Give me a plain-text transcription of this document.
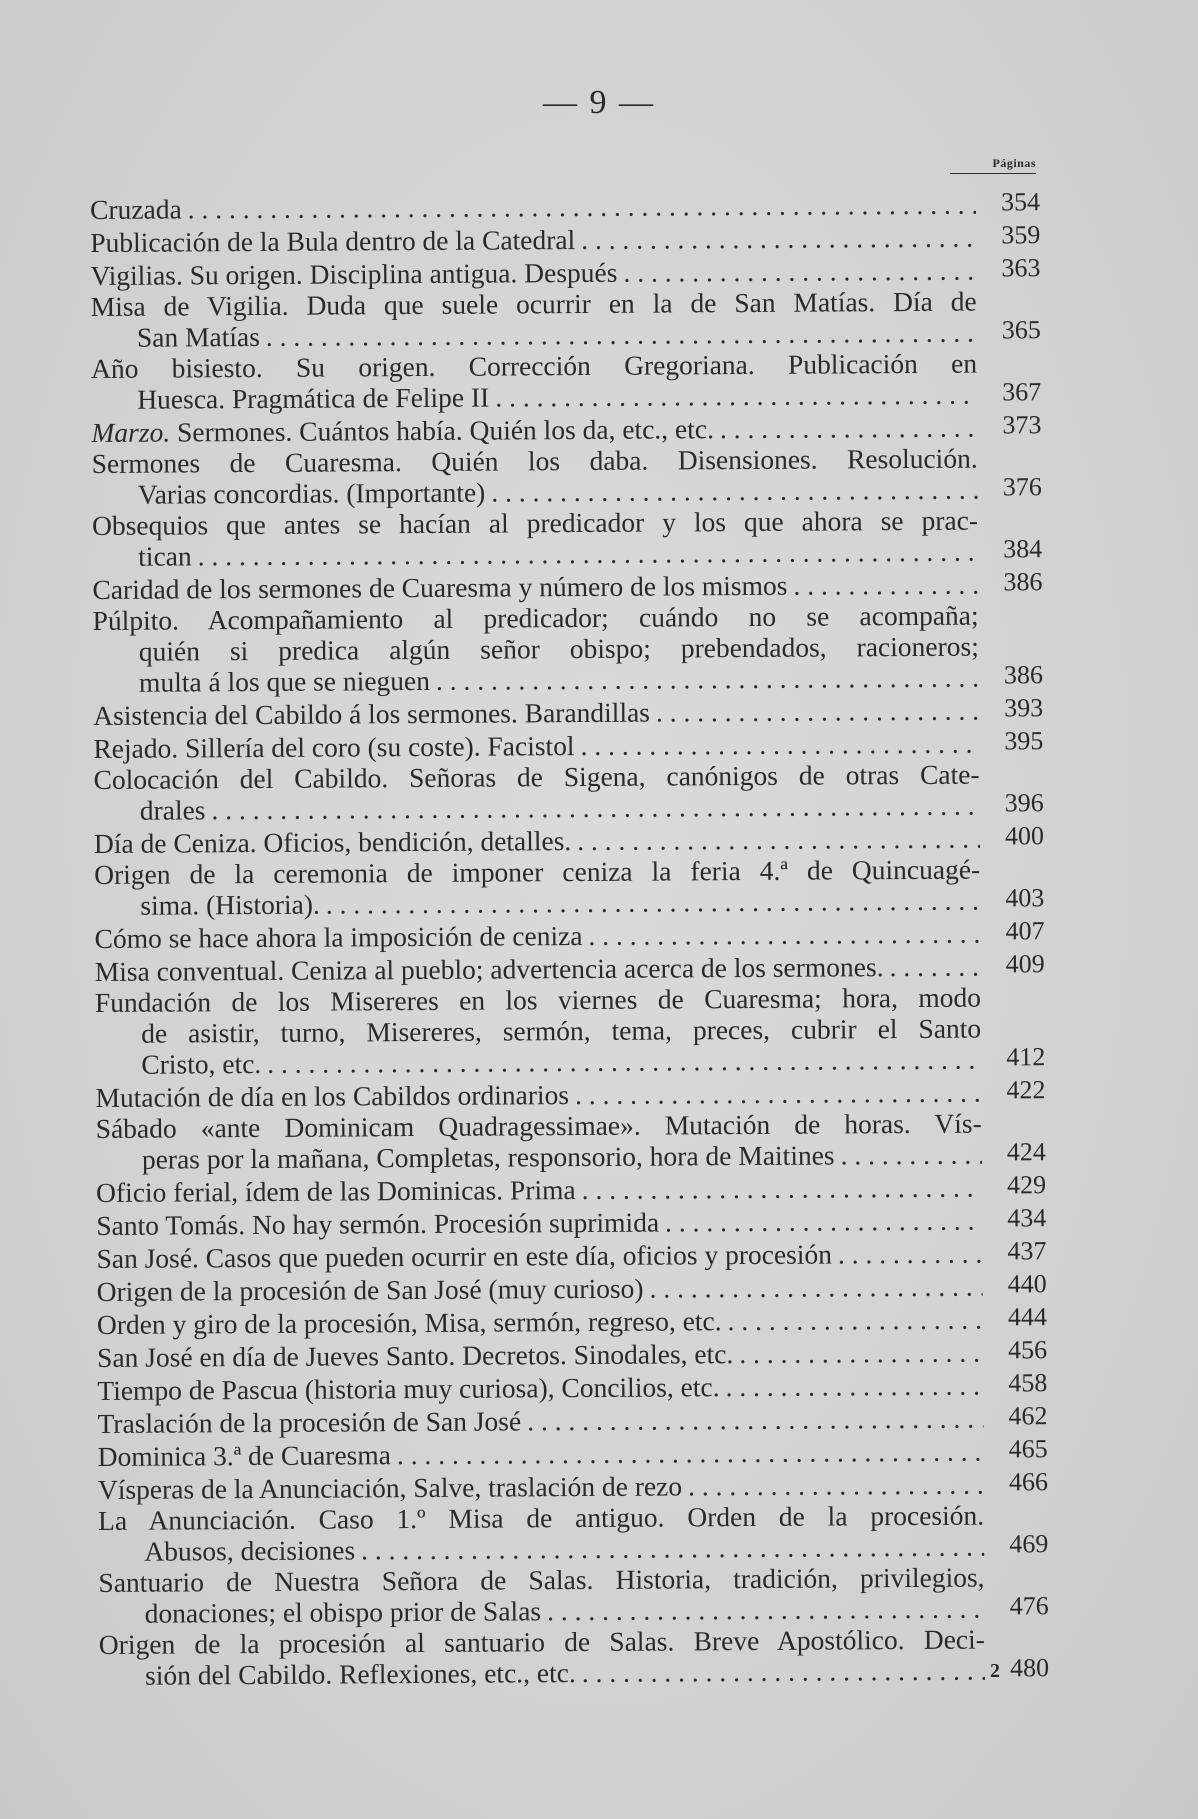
— 9 —
Páginas
Cruzada . . .	354
Publicación de la Bula dentro de la Catedral . . .	359
Vigilias. Su origen. Disciplina antigua. Después . . .	363
Misa de Vigilia. Duda que suele ocurrir en la de San Matías. Día de
San Matías . . .	365
Año bisiesto. Su origen. Corrección Gregoriana. Publicación en
Huesca. Pragmática de Felipe II . . .	367
Marzo. Sermones. Cuántos había. Quién los da, etc., etc. . . .	373
Sermones de Cuaresma. Quién los daba. Disensiones. Resolución.
Varias concordias. (Importante) . . .	376
Obsequios que antes se hacían al predicador y los que ahora se prac-
tican . . .	384
Caridad de los sermones de Cuaresma y número de los mismos . . .	386
Púlpito. Acompañamiento al predicador; cuándo no se acompaña;
quién si predica algún señor obispo; prebendados, racioneros;
multa á los que se nieguen . . .	386
Asistencia del Cabildo á los sermones. Barandillas . . .	393
Rejado. Sillería del coro (su coste). Facistol . . .	395
Colocación del Cabildo. Señoras de Sigena, canónigos de otras Cate-
drales . . .	396
Día de Ceniza. Oficios, bendición, detalles. . . .	400
Origen de la ceremonia de imponer ceniza la feria 4.ª de Quincuagé-
sima. (Historia). . . .	403
Cómo se hace ahora la imposición de ceniza . . .	407
Misa conventual. Ceniza al pueblo; advertencia acerca de los sermones. . . .	409
Fundación de los Misereres en los viernes de Cuaresma; hora, modo
de asistir, turno, Misereres, sermón, tema, preces, cubrir el Santo
Cristo, etc. . . .	412
Mutación de día en los Cabildos ordinarios . . .	422
Sábado «ante Dominicam Quadragessimae». Mutación de horas. Vís-
peras por la mañana, Completas, responsorio, hora de Maitines . . .	424
Oficio ferial, ídem de las Dominicas. Prima . . .	429
Santo Tomás. No hay sermón. Procesión suprimida . . .	434
San José. Casos que pueden ocurrir en este día, oficios y procesión . . .	437
Origen de la procesión de San José (muy curioso) . . .	440
Orden y giro de la procesión, Misa, sermón, regreso, etc. . . .	444
San José en día de Jueves Santo. Decretos. Sinodales, etc. . . .	456
Tiempo de Pascua (historia muy curiosa), Concilios, etc. . . .	458
Traslación de la procesión de San José . . .	462
Dominica 3.ª de Cuaresma . . .	465
Vísperas de la Anunciación, Salve, traslación de rezo . . .	466
La Anunciación. Caso 1.º Misa de antiguo. Orden de la procesión.
Abusos, decisiones . . .	469
Santuario de Nuestra Señora de Salas. Historia, tradición, privilegios,
donaciones; el obispo prior de Salas . . .	476
Origen de la procesión al santuario de Salas. Breve Apostólico. Deci-
sión del Cabildo. Reflexiones, etc., etc. . . .	480
2
